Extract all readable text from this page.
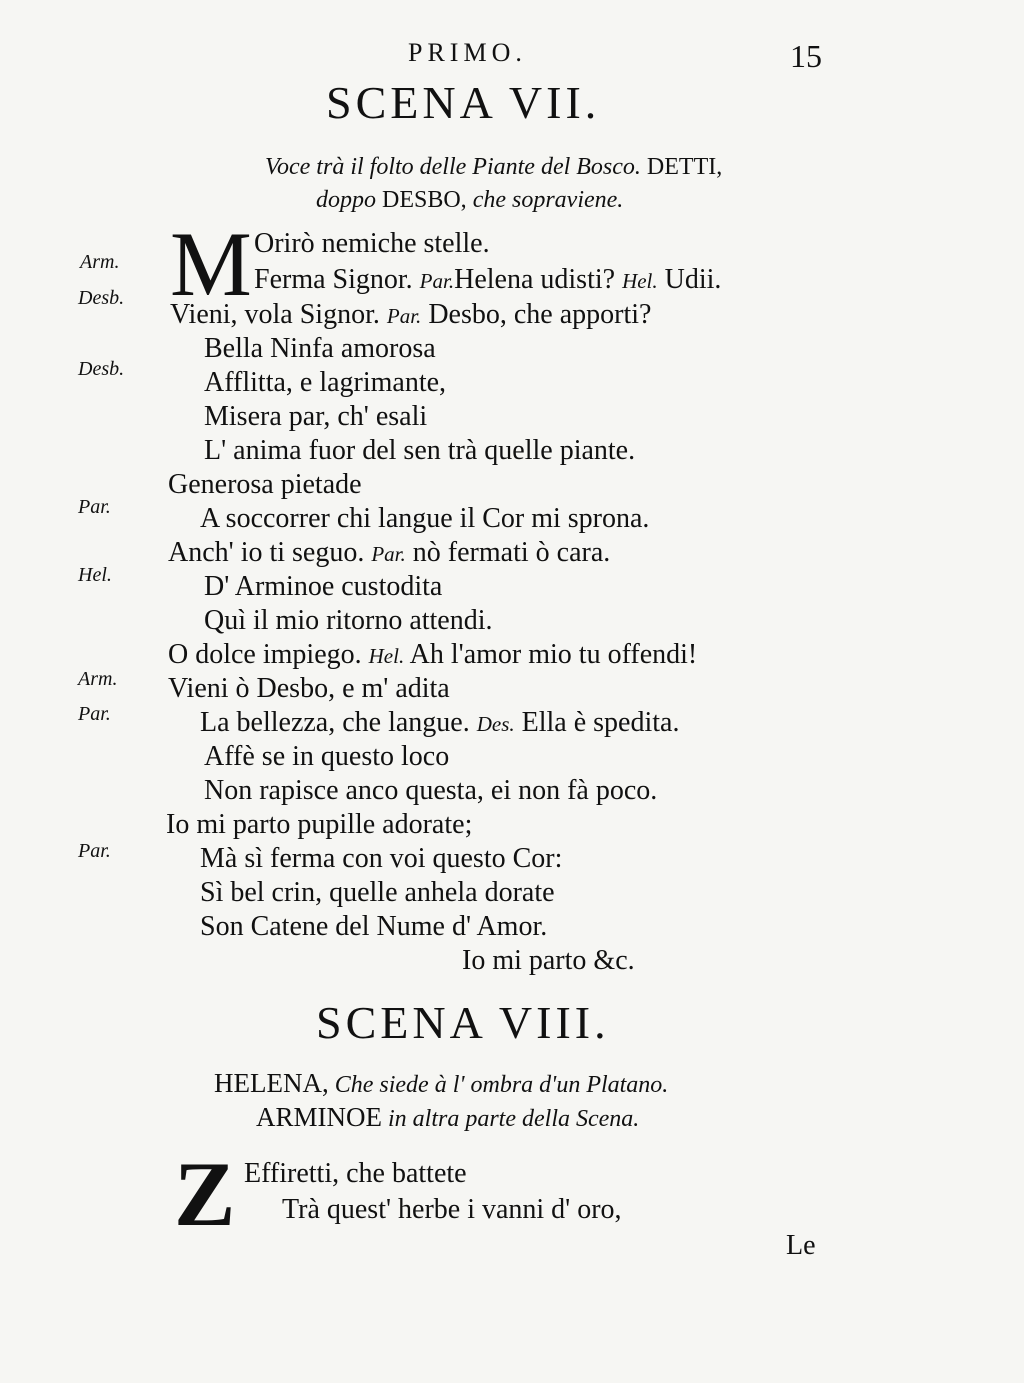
PRIMO.	15
SCENA VII.
Voce trà il folto delle Piante del Bosco. DETTI,
doppo DESBO, che sopraviene.
Arm.
Desb.
Desb.
Par.
Hel.
Arm.
Par.
Par.
M Orirò nemiche stelle.
Ferma Signor. Par.Helena udisti? Hel. Udii.
Vieni, vola Signor. Par. Desbo, che apporti?
Bella Ninfa amorosa
Afflitta, e lagrimante,
Misera par, ch' esali
L' anima fuor del sen trà quelle piante.
Generosa pietade
A soccorrer chi langue il Cor mi sprona.
Anch' io ti seguo. Par. nò fermati ò cara.
D' Arminoe custodita
Quì il mio ritorno attendi.
O dolce impiego. Hel. Ah l'amor mio tu offendi!
Vieni ò Desbo, e m' adita
La bellezza, che langue. Des. Ella è spedita.
Affè se in questo loco
Non rapisce anco questa, ei non fà poco.
Io mi parto pupille adorate;
Mà sì ferma con voi questo Cor:
Sì bel crin, quelle anhela dorate
Son Catene del Nume d' Amor.
Io mi parto &c.
SCENA VIII.
HELENA, Che siede à l' ombra d'un Platano.
ARMINOE in altra parte della Scena.
Z Effiretti, che battete
Trà quest' herbe i vanni d' oro,
Le
